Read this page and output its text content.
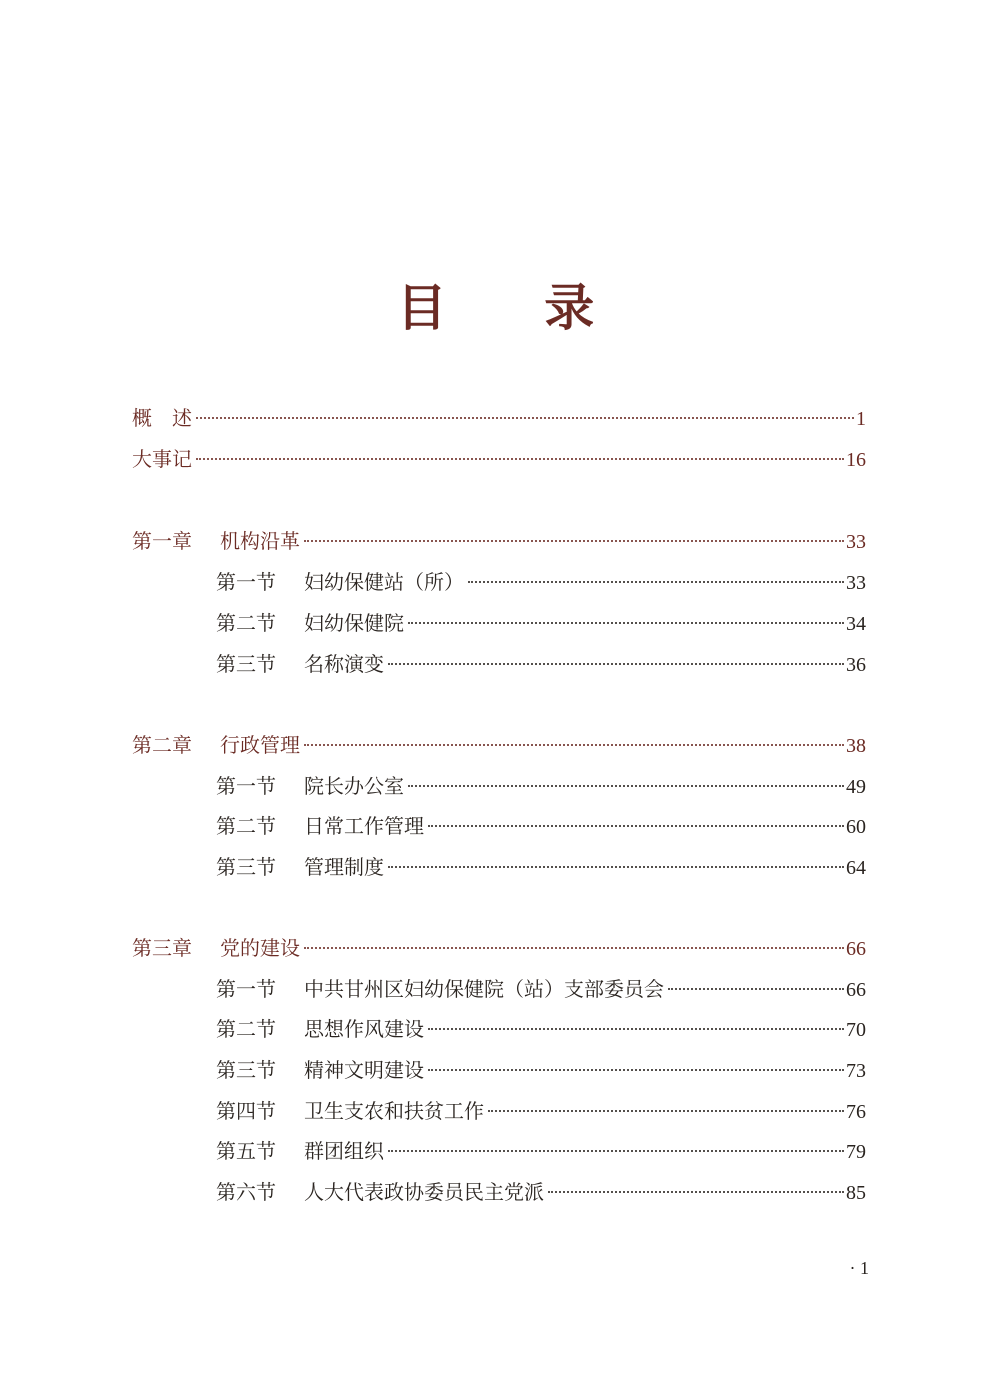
目 录
概　述	1
大事记	16
第一章	机构沿革	33
第一节	妇幼保健站（所）	33
第二节	妇幼保健院	34
第三节	名称演变	36
第二章	行政管理	38
第一节	院长办公室	49
第二节	日常工作管理	60
第三节	管理制度	64
第三章	党的建设	66
第一节	中共甘州区妇幼保健院（站）支部委员会	66
第二节	思想作风建设	70
第三节	精神文明建设	73
第四节	卫生支农和扶贫工作	76
第五节	群团组织	79
第六节	人大代表政协委员民主党派	85
· 1
